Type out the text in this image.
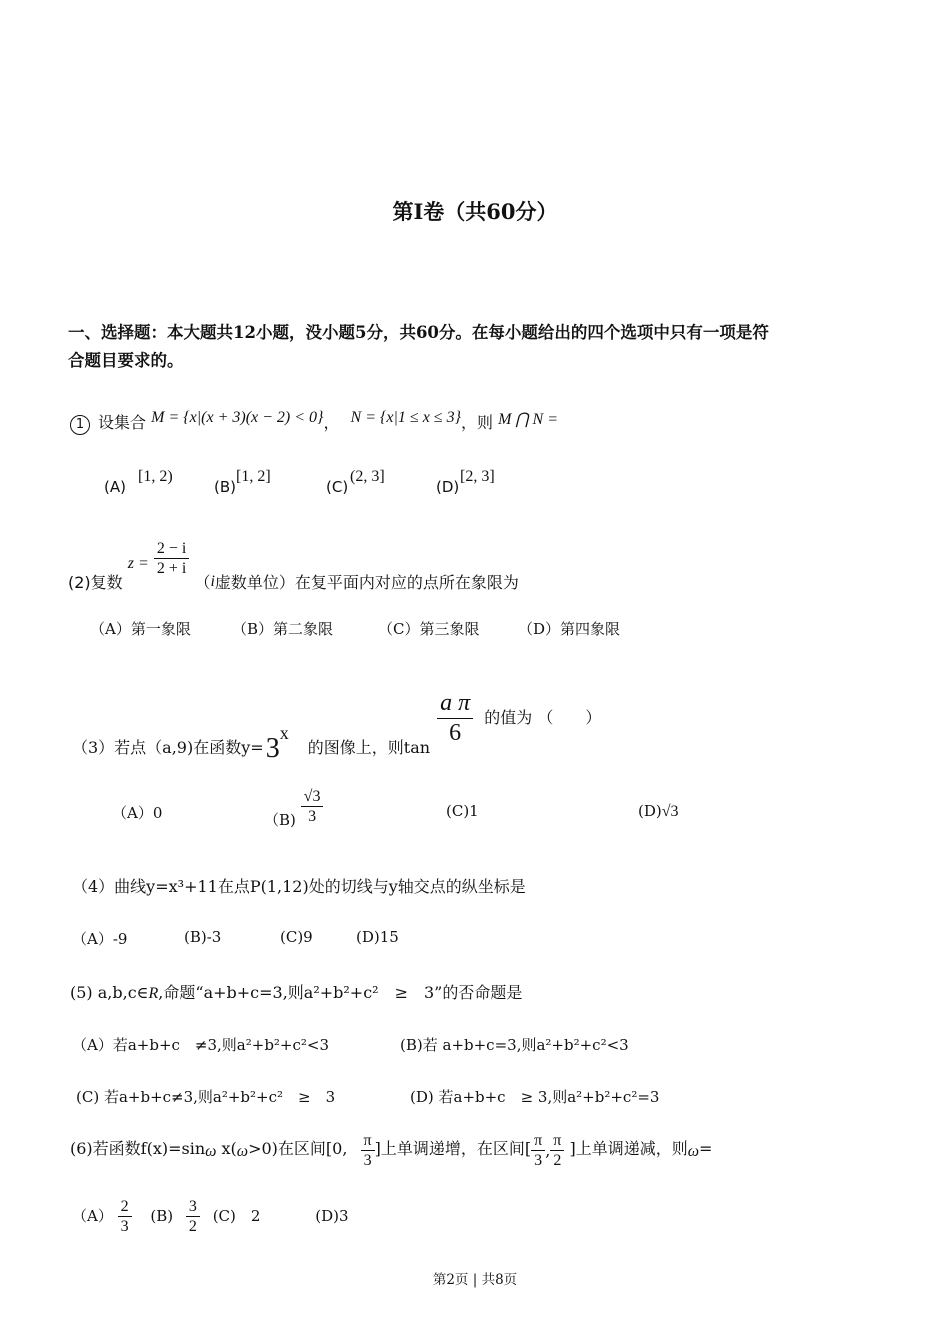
第Ⅰ卷（共60分）
一、选择题：本大题共12小题，没小题5分，共60分。在每小题给出的四个选项中只有一项是符
合题目要求的。
1 设集合 M = {x|(x + 3)(x − 2) < 0}， N = {x|1 ≤ x ≤ 3}，则 M ⋂ N =
(A)
[1, 2)
(B)
[1, 2]
(C)
(2, 3]
(D)
[2, 3]
(2)复数 $z = \frac{2 - i}{2 + i}$
（i虚数单位）在复平面内对应的点所在象限为
（A）第一象限	（B）第二象限	（C）第三象限	（D）第四象限
（3）若点（a,9)在函数y=3x 的图像上，则tan
$\frac{\text{a π}}{6}$ 的值为 （　　）
（A）0	$(B) \frac{√3}{3}$	(C)1	(D)√3
（4）曲线y=x³+11在点P(1,12)处的切线与y轴交点的纵坐标是
（A）-9	(B)-3	(C)9	(D)15
(5) a,b,c∈R,命题“a+b+c=3,则a²+b²+c²　≥　3”的否命题是
（A）若a+b+c　≠3,则a²+b²+c²<3	(B)若 a+b+c=3,则a²+b²+c²<3
(C) 若a+b+c≠3,则a²+b²+c²　≥　3	(D) 若a+b+c　≥ 3,则a²+b²+c²=3
(6)若函数f(x)=sinω x(ω>0)在区间[0, $\frac{\pi}{3}$ ]上单调递增，在区间[ $\frac{\pi}{3}$ , $\frac{\pi}{2}$ ]上单调递减，则ω=
$(A) \frac{2}{3} (B) \frac{3}{2} (C)$　2	(D)3
第2页 | 共8页
